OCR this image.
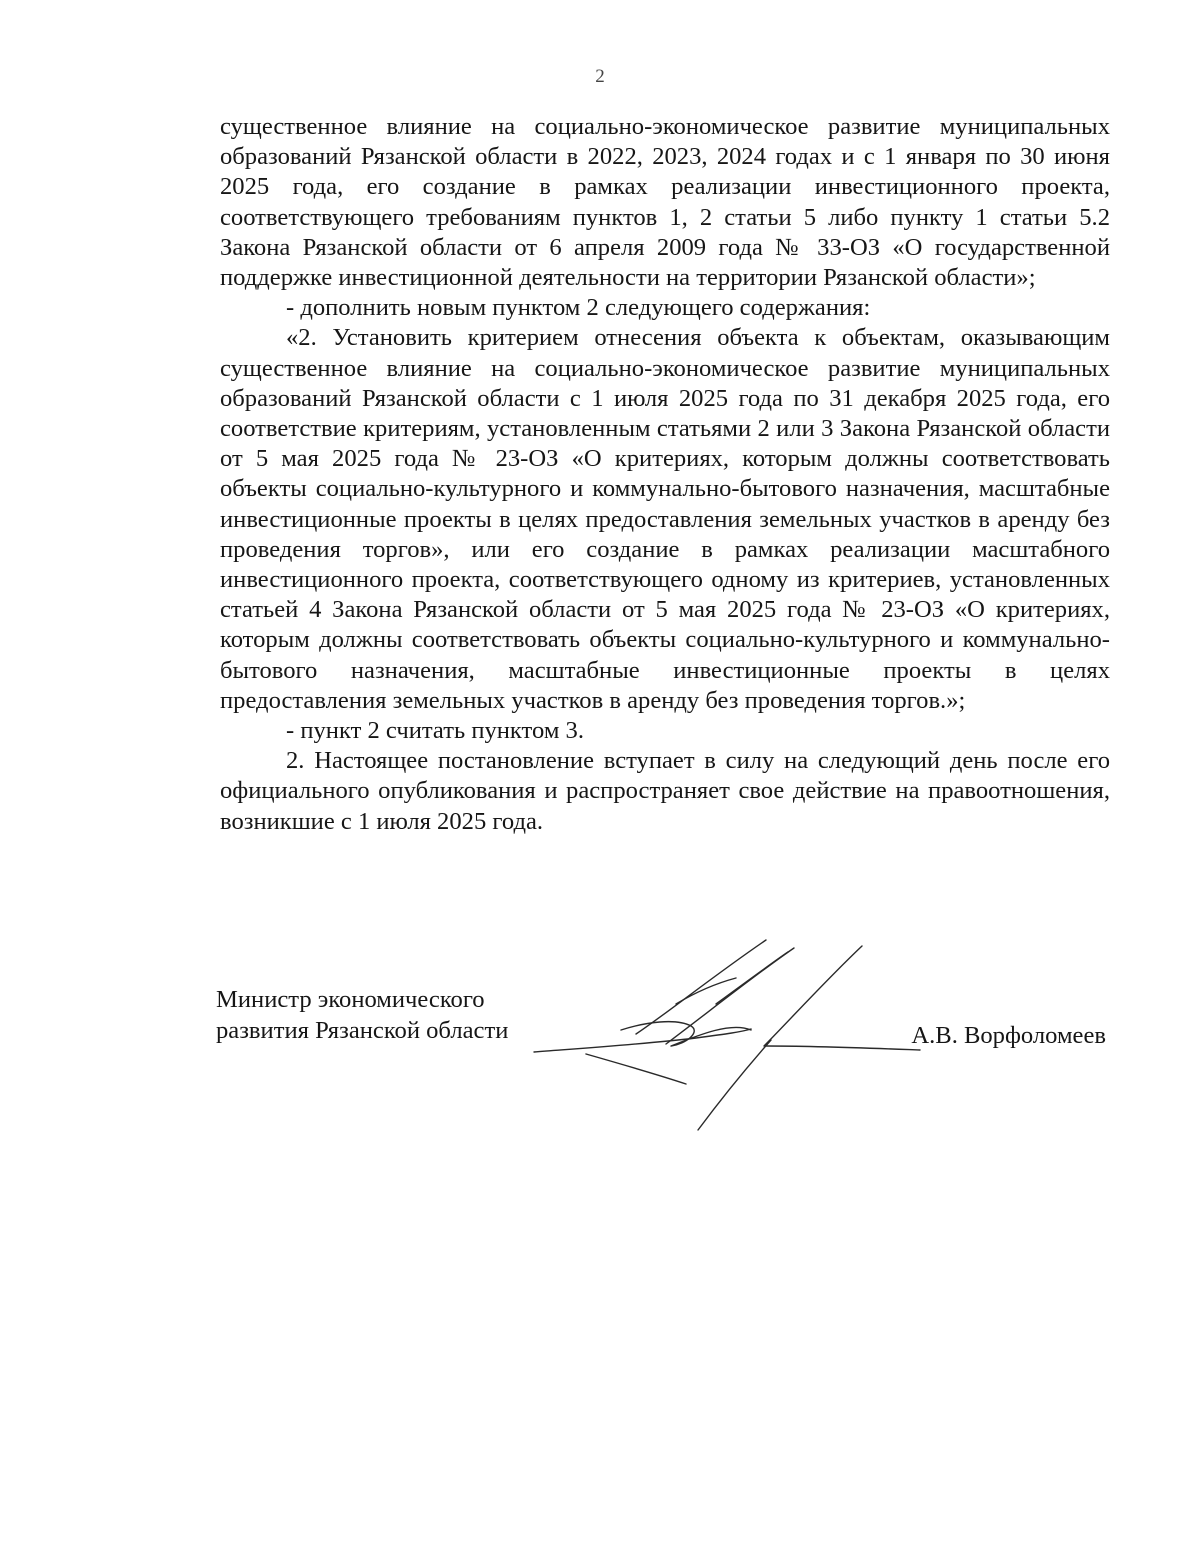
2

существенное влияние на социально-экономическое развитие муниципальных образований Рязанской области в 2022, 2023, 2024 годах и с 1 января по 30 июня 2025 года, его создание в рамках реализации инвестиционного проекта, соответствующего требованиям пунктов 1, 2 статьи 5 либо пункту 1 статьи 5.2 Закона Рязанской области от 6 апреля 2009 года № 33-ОЗ «О государственной поддержке инвестиционной деятельности на территории Рязанской области»;

- дополнить новым пунктом 2 следующего содержания:

«2. Установить критерием отнесения объекта к объектам, оказывающим существенное влияние на социально-экономическое развитие муниципальных образований Рязанской области с 1 июля 2025 года по 31 декабря 2025 года, его соответствие критериям, установленным статьями 2 или 3 Закона Рязанской области от 5 мая 2025 года № 23-ОЗ «О критериях, которым должны соответствовать объекты социально-культурного и коммунально-бытового назначения, масштабные инвестиционные проекты в целях предоставления земельных участков в аренду без проведения торгов», или его создание в рамках реализации масштабного инвестиционного проекта, соответствующего одному из критериев, установленных статьей 4 Закона Рязанской области от 5 мая 2025 года № 23-ОЗ «О критериях, которым должны соответствовать объекты социально-культурного и коммунально-бытового назначения, масштабные инвестиционные проекты в целях предоставления земельных участков в аренду без проведения торгов.»;

- пункт 2 считать пунктом 3.

2. Настоящее постановление вступает в силу на следующий день после его официального опубликования и распространяет свое действие на правоотношения, возникшие с 1 июля 2025 года.

Министр экономического
развития Рязанской области	А.В. Ворфоломеев
